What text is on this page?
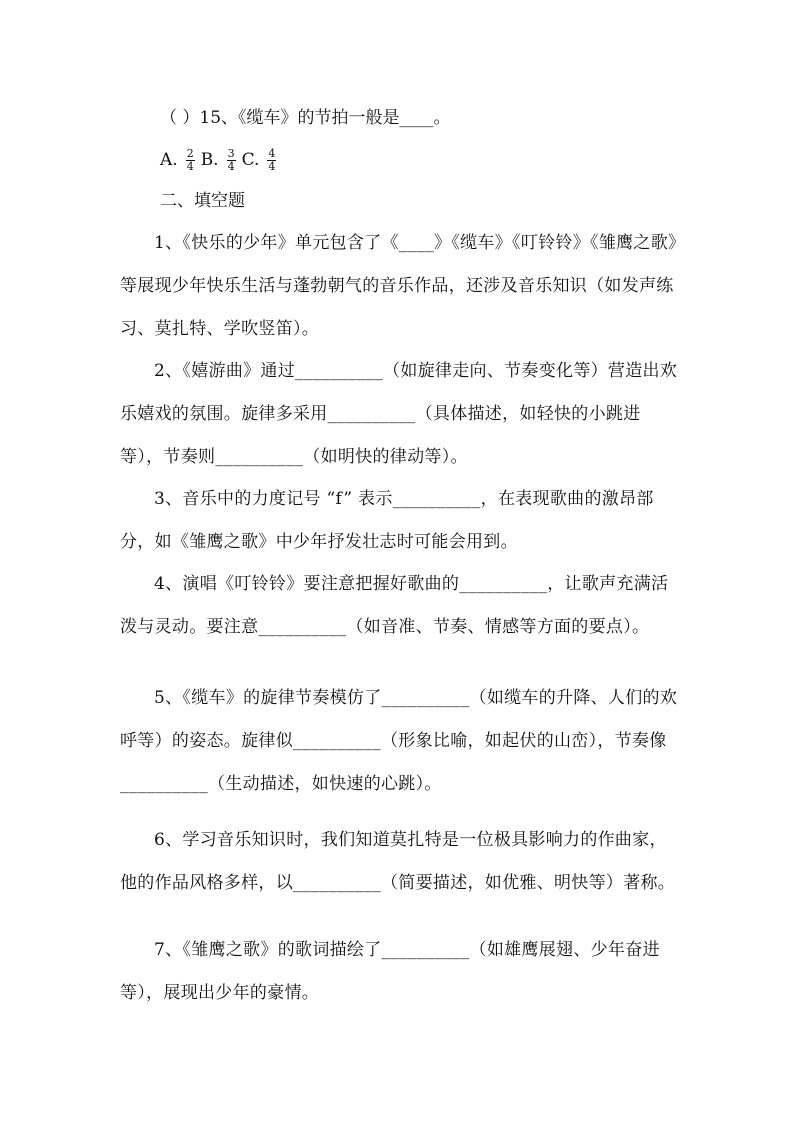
（ ）15、《缆车》的节拍一般是____。
A. $\frac{2}{4} B$. $\frac{3}{4} C$. $\frac{4}{4}$
二、填空题
1、《快乐的少年》单元包含了《____》《缆车》《叮铃铃》《雏鹰之歌》等展现少年快乐生活与蓬勃朝气的音乐作品，还涉及音乐知识（如发声练习、莫扎特、学吹竖笛）。
2、《嬉游曲》通过__________（如旋律走向、节奏变化等）营造出欢乐嬉戏的氛围。旋律多采用__________（具体描述，如轻快的小跳进等），节奏则__________（如明快的律动等）。
3、音乐中的力度记号 “f” 表示__________，在表现歌曲的激昂部分，如《雏鹰之歌》中少年抒发壮志时可能会用到。
4、演唱《叮铃铃》要注意把握好歌曲的__________，让歌声充满活泼与灵动。要注意__________（如音准、节奏、情感等方面的要点）。
5、《缆车》的旋律节奏模仿了__________（如缆车的升降、人们的欢呼等）的姿态。旋律似__________（形象比喻，如起伏的山峦），节奏像__________（生动描述，如快速的心跳）。
6、学习音乐知识时，我们知道莫扎特是一位极具影响力的作曲家，他的作品风格多样，以__________（简要描述，如优雅、明快等）著称。
7、《雏鹰之歌》的歌词描绘了__________（如雄鹰展翅、少年奋进等），展现出少年的豪情。
